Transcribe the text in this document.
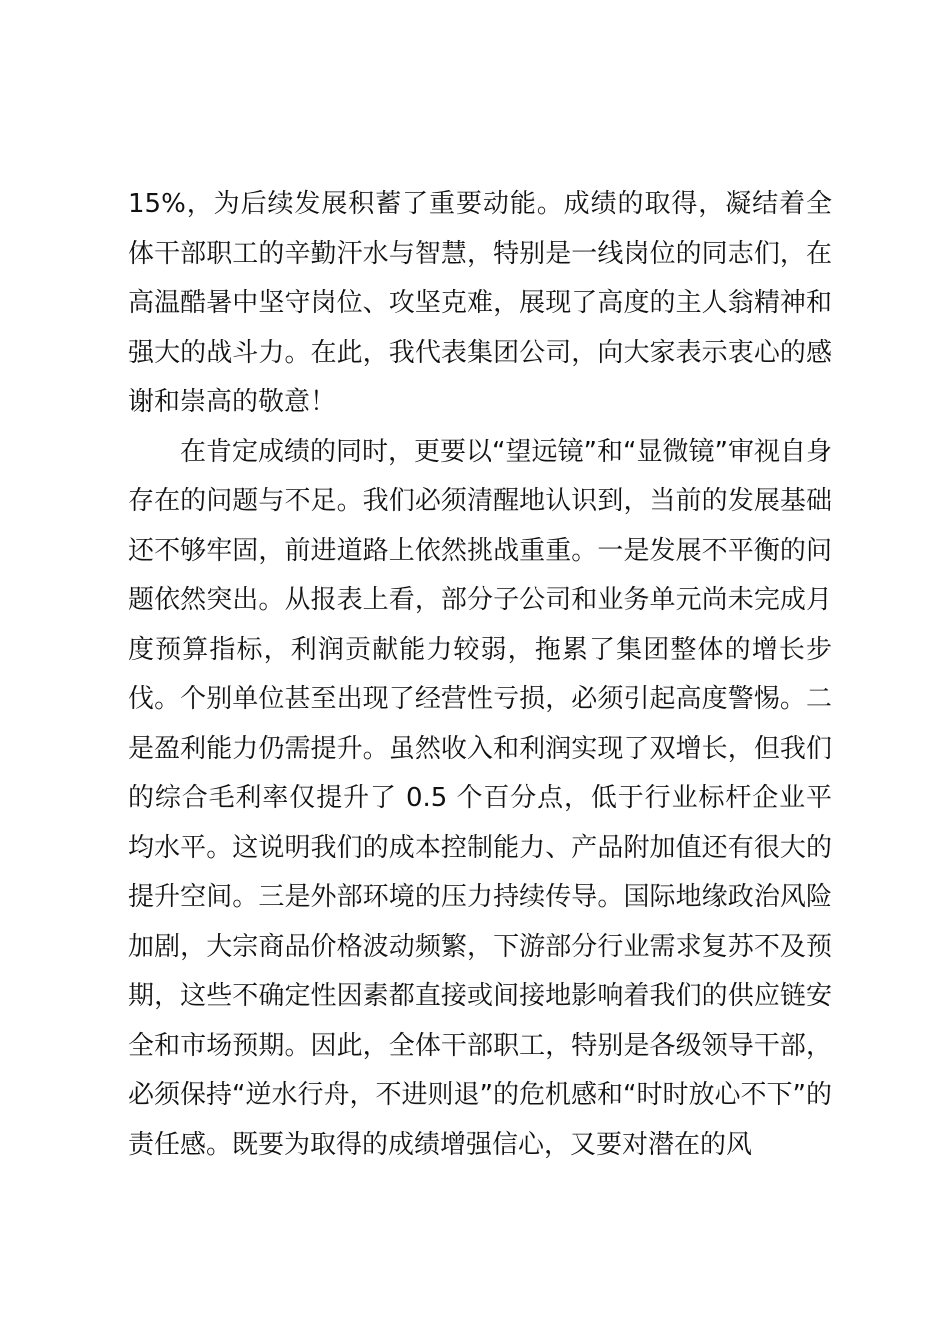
15%，为后续发展积蓄了重要动能。成绩的取得，凝结着全体干部职工的辛勤汗水与智慧，特别是一线岗位的同志们，在高温酷暑中坚守岗位、攻坚克难，展现了高度的主人翁精神和强大的战斗力。在此，我代表集团公司，向大家表示衷心的感谢和崇高的敬意！

在肯定成绩的同时，更要以“望远镜”和“显微镜”审视自身存在的问题与不足。我们必须清醒地认识到，当前的发展基础还不够牢固，前进道路上依然挑战重重。一是发展不平衡的问题依然突出。从报表上看，部分子公司和业务单元尚未完成月度预算指标，利润贡献能力较弱，拖累了集团整体的增长步伐。个别单位甚至出现了经营性亏损，必须引起高度警惕。二是盈利能力仍需提升。虽然收入和利润实现了双增长，但我们的综合毛利率仅提升了 0.5 个百分点，低于行业标杆企业平均水平。这说明我们的成本控制能力、产品附加值还有很大的提升空间。三是外部环境的压力持续传导。国际地缘政治风险加剧，大宗商品价格波动频繁，下游部分行业需求复苏不及预期，这些不确定性因素都直接或间接地影响着我们的供应链安全和市场预期。因此，全体干部职工，特别是各级领导干部，必须保持“逆水行舟，不进则退”的危机感和“时时放心不下”的责任感。既要为取得的成绩增强信心，又要对潜在的风
